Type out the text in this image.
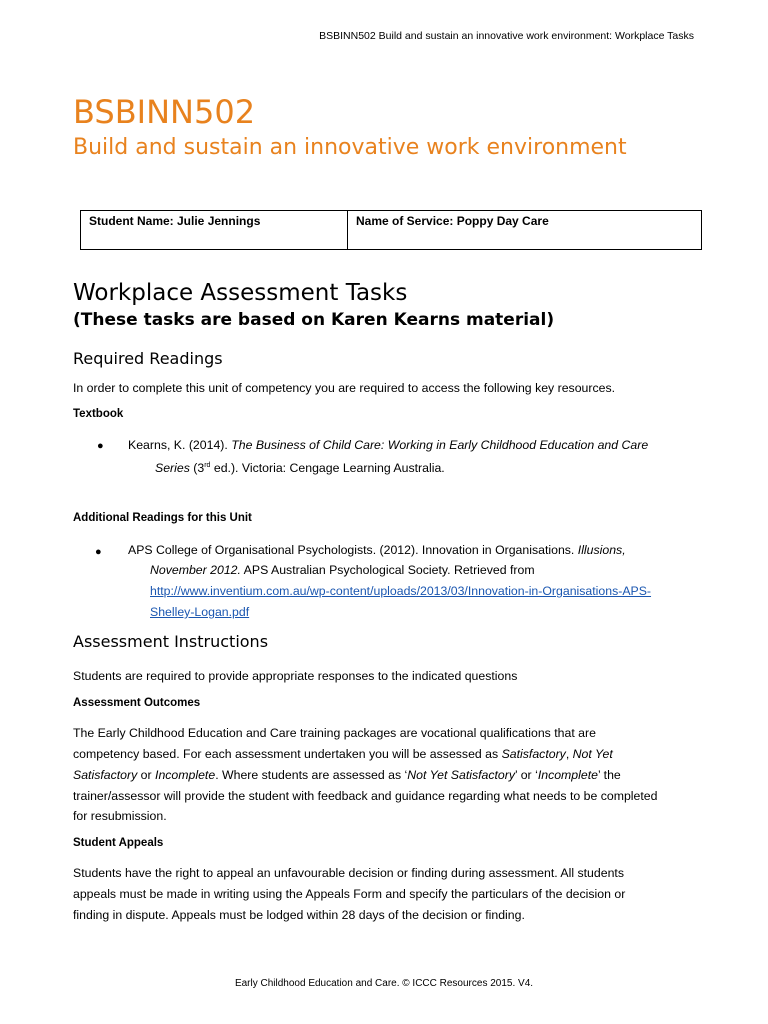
BSBINN502 Build and sustain an innovative work environment: Workplace Tasks
BSBINN502
Build and sustain an innovative work environment
Student Name: Julie Jennings	Name of Service: Poppy Day Care
Workplace Assessment Tasks
(These tasks are based on Karen Kearns material)
Required Readings
In order to complete this unit of competency you are required to access the following key resources.
Textbook
● Kearns, K. (2014). The Business of Child Care: Working in Early Childhood Education and Care
Series (3rd ed.). Victoria: Cengage Learning Australia.
Additional Readings for this Unit
● APS College of Organisational Psychologists. (2012). Innovation in Organisations. Illusions,
November 2012. APS Australian Psychological Society. Retrieved from
http://www.inventium.com.au/wp-content/uploads/2013/03/Innovation-in-Organisations-APS-
Shelley-Logan.pdf
Assessment Instructions
Students are required to provide appropriate responses to the indicated questions
Assessment Outcomes
The Early Childhood Education and Care training packages are vocational qualifications that are
competency based. For each assessment undertaken you will be assessed as Satisfactory, Not Yet
Satisfactory or Incomplete. Where students are assessed as ‘Not Yet Satisfactory’ or ‘Incomplete’ the
trainer/assessor will provide the student with feedback and guidance regarding what needs to be completed
for resubmission.
Student Appeals
Students have the right to appeal an unfavourable decision or finding during assessment. All students
appeals must be made in writing using the Appeals Form and specify the particulars of the decision or
finding in dispute. Appeals must be lodged within 28 days of the decision or finding.
Early Childhood Education and Care. © ICCC Resources 2015. V4.
